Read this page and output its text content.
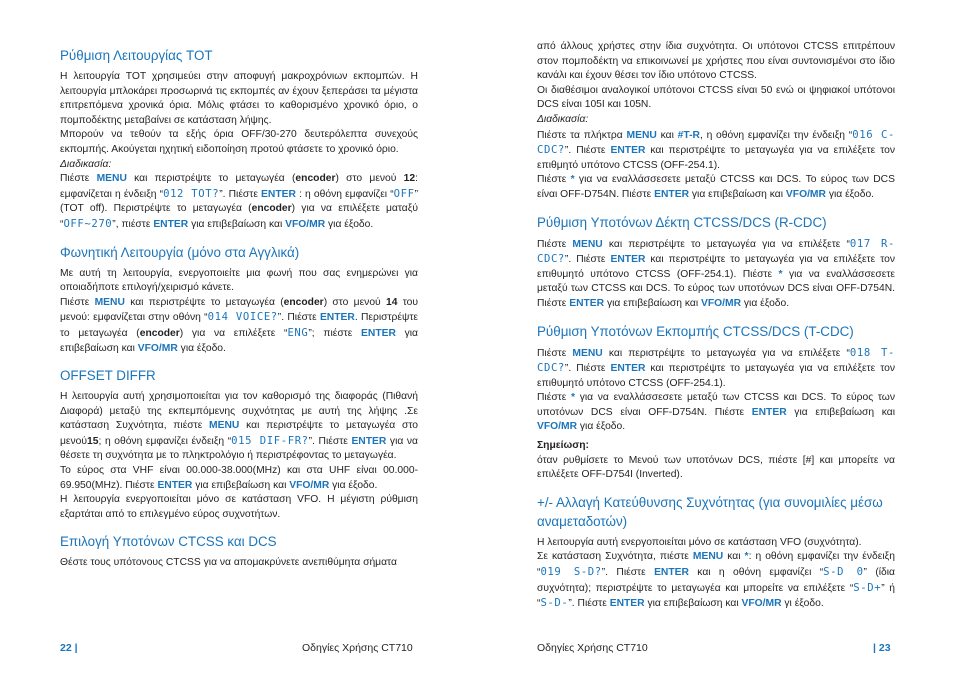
Ρύθμιση Λειτουργίας TOT

Η λειτουργία TOT χρησιμεύει στην αποφυγή μακροχρόνιων εκπομπών. Η λειτουργία μπλοκάρει προσωρινά τις εκπομπές αν έχουν ξεπεράσει τα μέγιστα επιτρεπόμενα χρονικά όρια. Μόλις φτάσει το καθορισμένο χρονικό όριο, ο πομποδέκτης μεταβαίνει σε κατάσταση λήψης.

Μπορούν να τεθούν τα εξής όρια OFF/30-270 δευτερόλεπτα συνεχούς εκπομπής. Ακούγεται ηχητική ειδοποίηση προτού φτάσετε το χρονικό όριο.

Διαδικασία:

Πιέστε MENU και περιστρέψτε το μεταγωγέα (encoder) στο μενού 12: εμφανίζεται η ένδειξη “012 TOT?”. Πιέστε ENTER : η οθόνη εμφανίζει “OFF” (TOT off). Περιστρέψτε το μεταγωγέα (encoder) για να επιλέξετε ματαξύ “OFF~270”, πιέστε ENTER για επιβεβαίωση και VFO/MR για έξοδο.

Φωνητική Λειτουργία (μόνο στα Αγγλικά)

Με αυτή τη λειτουργία, ενεργοποιείτε μια φωνή που σας ενημερώνει για οποιαδήποτε επιλογή/χειρισμό κάνετε.

Πιέστε MENU και περιστρέψτε το μεταγωγέα (encoder) στο μενού 14 του μενού: εμφανίζεται στην οθόνη “014 VOICE?”. Πιέστε ENTER. Περιστρέψτε το μεταγωγέα (encoder) για να επιλέξετε “ENG”; πιέστε ENTER για επιβεβαίωση και VFO/MR για έξοδο.

OFFSET DIFFR

Η λειτουργία αυτή χρησιμοποιείται για τον καθορισμό της διαφοράς (Πιθανή Διαφορά) μεταξύ της εκπεμπόμενης συχνότητας με αυτή της λήψης .Σε κατάσταση Συχνότητα, πιέστε MENU και περιστρέψτε το μεταγωγέα στο μενού15; η οθόνη εμφανίζει ένδειξη “015 DIF-FR?”. Πιέστε ENTER για να θέσετε τη συχνότητα με το πληκτρολόγιο ή περιστρέφοντας το μεταγωγέα.

Το εύρος στα VHF είναι 00.000-38.000(MHz) και στα UHF είναι 00.000-69.950(MHz). Πιέστε ENTER για επιβεβαίωση και VFO/MR για έξοδο.

Η λειτουργία ενεργοποιείται μόνο σε κατάσταση VFO. Η μέγιστη ρύθμιση εξαρτάται από το επιλεγμένο εύρος συχνοτήτων.

Επιλογή Υποτόνων CTCSS και DCS

Θέστε τους υπότονους CTCSS για να απομακρύνετε ανεπιθύμητα σήματα

22 |	Οδηγίες Χρήσης CT710

από άλλους χρήστες στην ίδια συχνότητα. Οι υπότονοι CTCSS επιτρέπουν στον πομποδέκτη να επικοινωνεί με χρήστες που είναι συντονισμένοι στο ίδιο κανάλι και έχουν θέσει τον ίδιο υπότονο CTCSS.

Οι διαθέσιμοι αναλογικοί υπότονοι CTCSS είναι 50 ενώ οι ψηφιακοί υπότονοι DCS είναι 105I και 105N.

Διαδικασία:

Πιέστε τα πλήκτρα MENU και #T-R, η οθόνη εμφανίζει την ένδειξη “016 C-CDC?”. Πιέστε ENTER και περιστρέψτε το μεταγωγέα για να επιλέξετε τον επιθμητό υπότονο CTCSS (OFF-254.1).

Πιέστε * για να εναλλάσσεσετε μεταξύ CTCSS και DCS. Το εύρος των DCS είναι OFF-D754N. Πιέστε ENTER για επιβεβαίωση και VFO/MR για έξοδο.

Ρύθμιση Υποτόνων Δέκτη CTCSS/DCS (R-CDC)

Πιέστε MENU και περιστρέψτε το μεταγωγέα για να επιλέξετε “017 R-CDC?”. Πιέστε ENTER και περιστρέψτε το μεταγωγέα για να επιλέξετε τον επιθυμητό υπότονο CTCSS (OFF-254.1). Πιέστε * για να εναλλάσσεσετε μεταξύ των CTCSS και DCS. Το εύρος των υποτόνων DCS είναι OFF-D754N. Πιέστε ENTER για επιβεβαίωση και VFO/MR για έξοδο.

Ρύθμιση Υποτόνων Εκπομπής CTCSS/DCS (T-CDC)

Πιέστε MENU και περιστρέψτε το μεταγωγέα για να επιλέξετε “018 T-CDC?”. Πιέστε ENTER και περιστρέψτε το μεταγωγέα για να επιλέξετε τον επιθυμητό υπότονο CTCSS (OFF-254.1).

Πιέστε * για να εναλλάσσεσετε μεταξύ των CTCSS και DCS. Το εύρος των υποτόνων DCS είναι OFF-D754N. Πιέστε ENTER για επιβεβαίωση και VFO/MR για έξοδο.

Σημείωση:

όταν ρυθμίσετε το Μενού των υποτόνων DCS, πιέστε [#] και μπορείτε να επιλέξετε OFF-D754I (Inverted).

+/- Αλλαγή Κατεύθυνσης Συχνότητας (για συνομιλίες μέσω αναμεταδοτών)

Η λειτουργία αυτή ενεργοποιείται μόνο σε κατάσταση VFO (συχνότητα).

Σε κατάσταση Συχνότητα, πιέστε MENU και *: η οθόνη εμφανίζει την ένδειξη “019 S-D?”. Πιέστε ENTER και η οθόνη εμφανίζει “S-D 0” (ίδια συχνότητα); περιστρέψτε το μεταγωγέα και μπορείτε να επιλέξετε “S-D+” ή “S-D-”. Πιέστε ENTER για επιβεβαίωση και VFO/MR γι έξοδο.

Οδηγίες Χρήσης CT710	| 23
